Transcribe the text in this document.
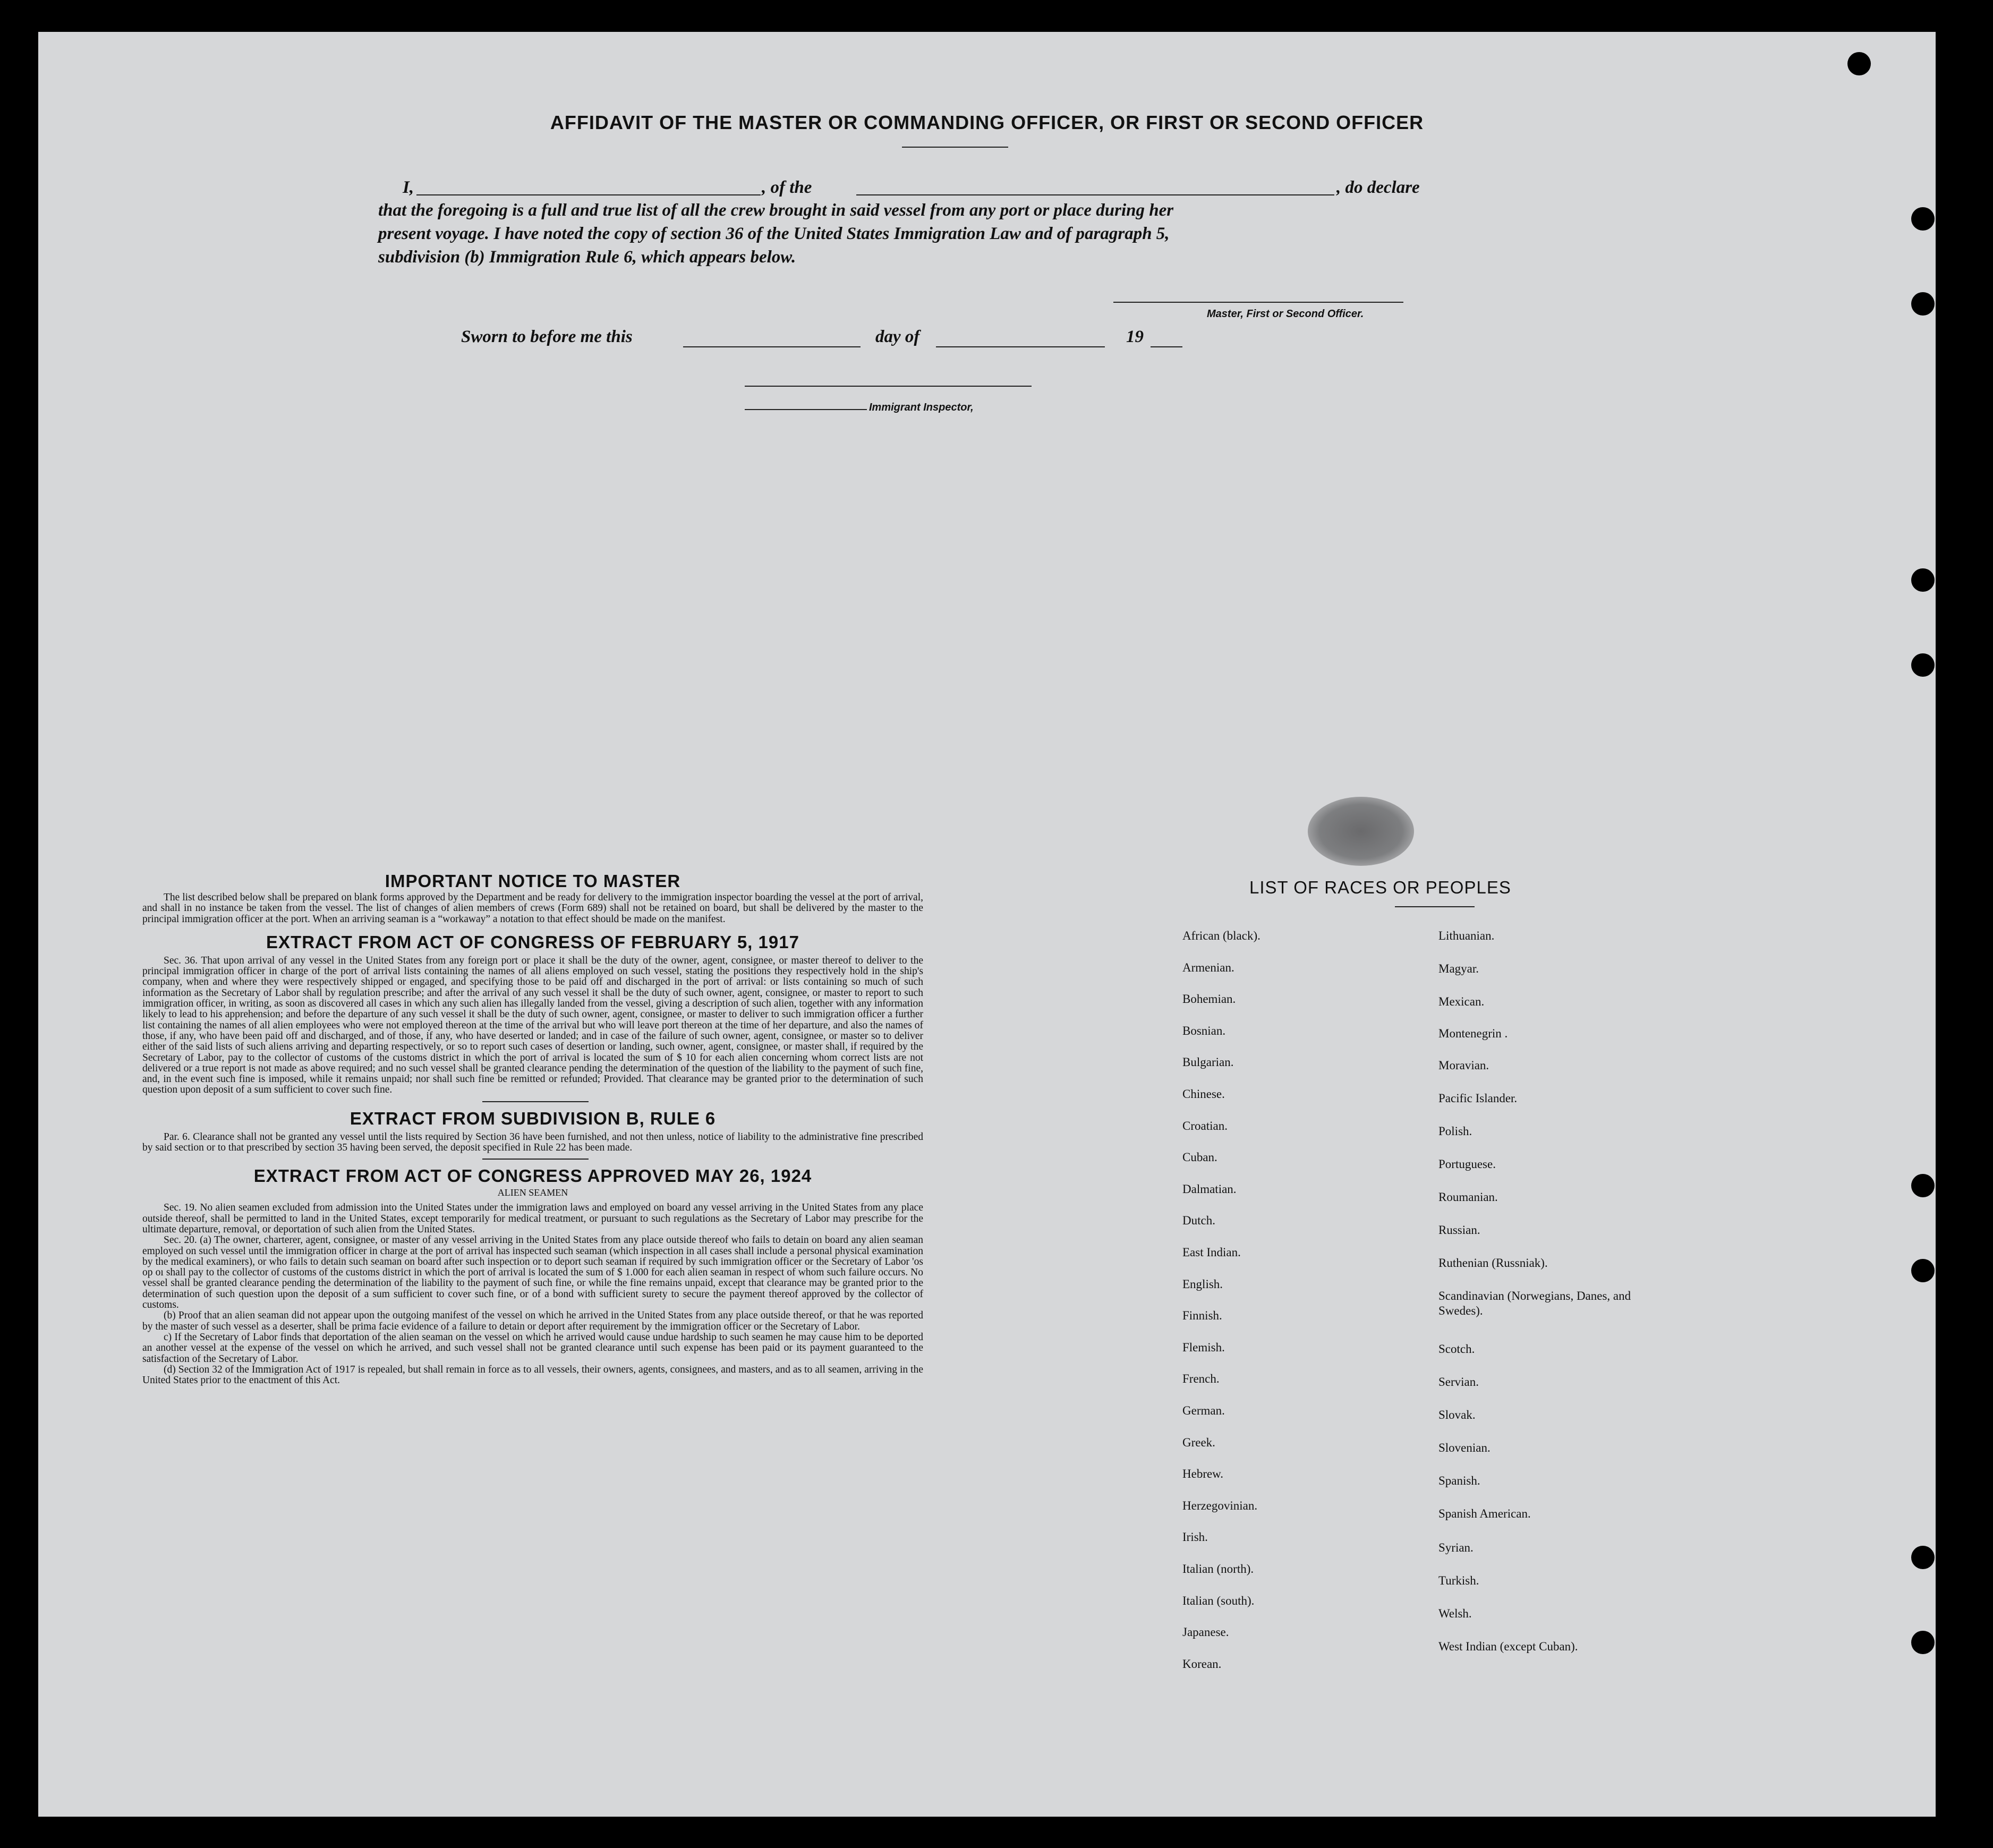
AFFIDAVIT OF THE MASTER OR COMMANDING OFFICER, OR FIRST OR SECOND OFFICER
I,	, of the	, do declare
that the foregoing is a full and true list of all the crew brought in said vessel from any port or place during her
present voyage. I have noted the copy of section 36 of the United States Immigration Law and of paragraph 5,
subdivision (b) Immigration Rule 6, which appears below.
Master, First or Second Officer.
Sworn to before me this	day of	19
Immigrant Inspector,
IMPORTANT NOTICE TO MASTER
The list described below shall be prepared on blank forms approved by the Department and be ready for delivery to the immigration inspector boarding the vessel at the port of arrival, and shall in no instance be taken from the vessel. The list of changes of alien members of crews (Form 689) shall not be retained on board, but shall be delivered by the master to the principal immigration officer at the port. When an arriving seaman is a “workaway” a notation to that effect should be made on the manifest.
EXTRACT FROM ACT OF CONGRESS OF FEBRUARY 5, 1917
Sec. 36. That upon arrival of any vessel in the United States from any foreign port or place it shall be the duty of the owner, agent, consignee, or master thereof to deliver to the principal immigration officer in charge of the port of arrival lists containing the names of all aliens employed on such vessel, stating the positions they respectively hold in the ship's company, when and where they were respectively shipped or engaged, and specifying those to be paid off and discharged in the port of arrival: or lists containing so much of such information as the Secretary of Labor shall by regulation prescribe; and after the arrival of any such vessel it shall be the duty of such owner, agent, consignee, or master to report to such immigration officer, in writing, as soon as discovered all cases in which any such alien has illegally landed from the vessel, giving a description of such alien, together with any information likely to lead to his apprehension; and before the departure of any such vessel it shall be the duty of such owner, agent, consignee, or master to deliver to such immigration officer a further list containing the names of all alien employees who were not employed thereon at the time of the arrival but who will leave port thereon at the time of her departure, and also the names of those, if any, who have been paid off and discharged, and of those, if any, who have deserted or landed; and in case of the failure of such owner, agent, consignee, or master so to deliver either of the said lists of such aliens arriving and departing respectively, or so to report such cases of desertion or landing, such owner, agent, consignee, or master shall, if required by the Secretary of Labor, pay to the collector of customs of the customs district in which the port of arrival is located the sum of $ 10 for each alien concerning whom correct lists are not delivered or a true report is not made as above required; and no such vessel shall be granted clearance pending the determination of the question of the liability to the payment of such fine, and, in the event such fine is imposed, while it remains unpaid; nor shall such fine be remitted or refunded; Provided. That clearance may be granted prior to the determination of such question upon deposit of a sum sufficient to cover such fine.
EXTRACT FROM SUBDIVISION B, RULE 6
Par. 6. Clearance shall not be granted any vessel until the lists required by Section 36 have been furnished, and not then unless, notice of liability to the administrative fine prescribed by said section or to that prescribed by section 35 having been served, the deposit specified in Rule 22 has been made.
EXTRACT FROM ACT OF CONGRESS APPROVED MAY 26, 1924
ALIEN SEAMEN
Sec. 19. No alien seamen excluded from admission into the United States under the immigration laws and employed on board any vessel arriving in the United States from any place outside thereof, shall be permitted to land in the United States, except temporarily for medical treatment, or pursuant to such regulations as the Secretary of Labor may prescribe for the ultimate departure, removal, or deportation of such alien from the United States.
Sec. 20. (a) The owner, charterer, agent, consignee, or master of any vessel arriving in the United States from any place outside thereof who fails to detain on board any alien seaman employed on such vessel until the immigration officer in charge at the port of arrival has inspected such seaman (which inspection in all cases shall include a personal physical examination by the medical examiners), or who fails to detain such seaman on board after such inspection or to deport such seaman if required by such immigration officer or the Secretary of Labor 'os op oı shall pay to the collector of customs of the customs district in which the port of arrival is located the sum of $ 1.000 for each alien seaman in respect of whom such failure occurs. No vessel shall be granted clearance pending the determination of the liability to the payment of such fine, or while the fine remains unpaid, except that clearance may be granted prior to the determination of such question upon the deposit of a sum sufficient to cover such fine, or of a bond with sufficient surety to secure the payment thereof approved by the collector of customs.
(b) Proof that an alien seaman did not appear upon the outgoing manifest of the vessel on which he arrived in the United States from any place outside thereof, or that he was reported by the master of such vessel as a deserter, shall be prima facie evidence of a failure to detain or deport after requirement by the immigration officer or the Secretary of Labor.
c) If the Secretary of Labor finds that deportation of the alien seaman on the vessel on which he arrived would cause undue hardship to such seamen he may cause him to be deported an another vessel at the expense of the vessel on which he arrived, and such vessel shall not be granted clearance until such expense has been paid or its payment guaranteed to the satisfaction of the Secretary of Labor.
(d) Section 32 of the Immigration Act of 1917 is repealed, but shall remain in force as to all vessels, their owners, agents, consignees, and masters, and as to all seamen, arriving in the United States prior to the enactment of this Act.
LIST OF RACES OR PEOPLES
African (black).
Armenian.
Bohemian.
Bosnian.
Bulgarian.
Chinese.
Croatian.
Cuban.
Dalmatian.
Dutch.
East Indian.
English.
Finnish.
Flemish.
French.
German.
Greek.
Hebrew.
Herzegovinian.
Irish.
Italian (north).
Italian (south).
Japanese.
Korean.
Lithuanian.
Magyar.
Mexican.
Montenegrin .
Moravian.
Pacific Islander.
Polish.
Portuguese.
Roumanian.
Russian.
Ruthenian (Russniak).
Scandinavian (Norwegians, Danes, and Swedes).
Scotch.
Servian.
Slovak.
Slovenian.
Spanish.
Spanish American.
Syrian.
Turkish.
Welsh.
West Indian (except Cuban).
